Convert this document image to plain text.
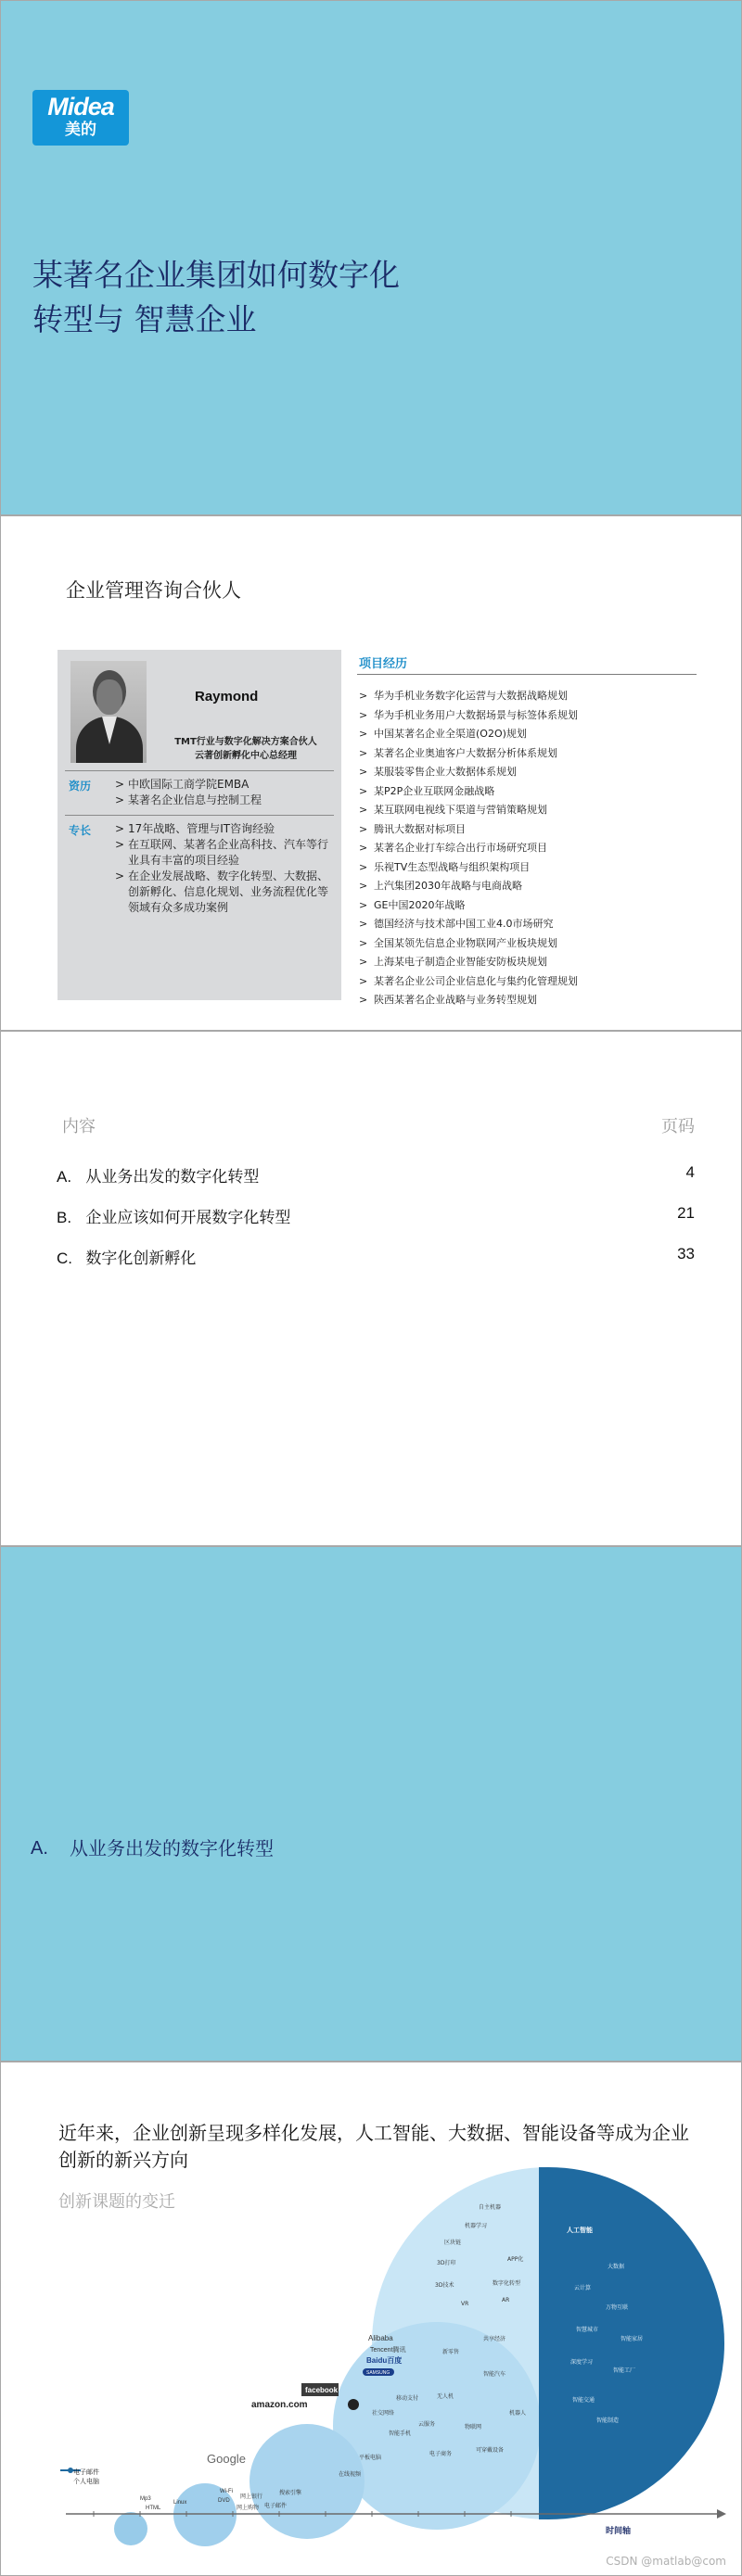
Midea
美的
某著名企业集团如何数字化
转型与 智慧企业
企业管理咨询合伙人
Raymond
TMT行业与数字化解决方案合伙人
云著创新孵化中心总经理
资历	> 中欧国际工商学院EMBA
> 某著名企业信息与控制工程
专长	> 17年战略、管理与IT咨询经验
> 在互联网、某著名企业高科技、汽车等行 业具有丰富的项目经验
> 在企业发展战略、数字化转型、大数据、创新孵化、信息化规划、业务流程优化等领域有众多成功案例
项目经历
> 华为手机业务数字化运营与大数据战略规划
> 华为手机业务用户大数据场景与标签体系规划
> 中国某著名企业全渠道(O2O)规划
> 某著名企业奥迪客户大数据分析体系规划
> 某服装零售企业大数据体系规划
> 某P2P企业互联网金融战略
> 某互联网电视线下渠道与营销策略规划
> 腾讯大数据对标项目
> 某著名企业打车综合出行市场研究项目
> 乐视TV生态型战略与组织架构项目
> 上汽集团2030年战略与电商战略
> GE中国2020年战略
> 德国经济与技术部中国工业4.0市场研究
> 全国某领先信息企业物联网产业板块规划
> 上海某电子制造企业智能安防板块规划
> 某著名企业公司企业信息化与集约化管理规划
> 陕西某著名企业战略与业务转型规划
内容	页码
A. 从业务出发的数字化转型	4
B. 企业应该如何开展数字化转型	21
C. 数字化创新孵化	33
A. 从业务出发的数字化转型
近年来，企业创新呈现多样化发展，人工智能、大数据、智能设备等成为企业创新的新兴方向
创新课题的变迁
电子邮件
个人电脑
时间轴
人工智能
大数据
云计算
万物互联
智慧城市
智能家居
深度学习
智能工厂
智能交通
智能制造
自主机器
机器学习
区块链
APP化
3D打印
数字化转型
AR
VR
3D技术
共享经济
新零售
智能汽车
无人机
机器人
物联网
云服务
移动支付
可穿戴设备
社交网络
智能手机
平板电脑
电子商务
在线视频
搜索引擎
Alibaba
Tencent腾讯
Baidu百度
SAMSUNG
facebook
amazon.com
Google
Mp3
HTML
Linux	DVD
Wi-Fi
网上银行
网上购物 电子邮件
CSDN @matlab@com
